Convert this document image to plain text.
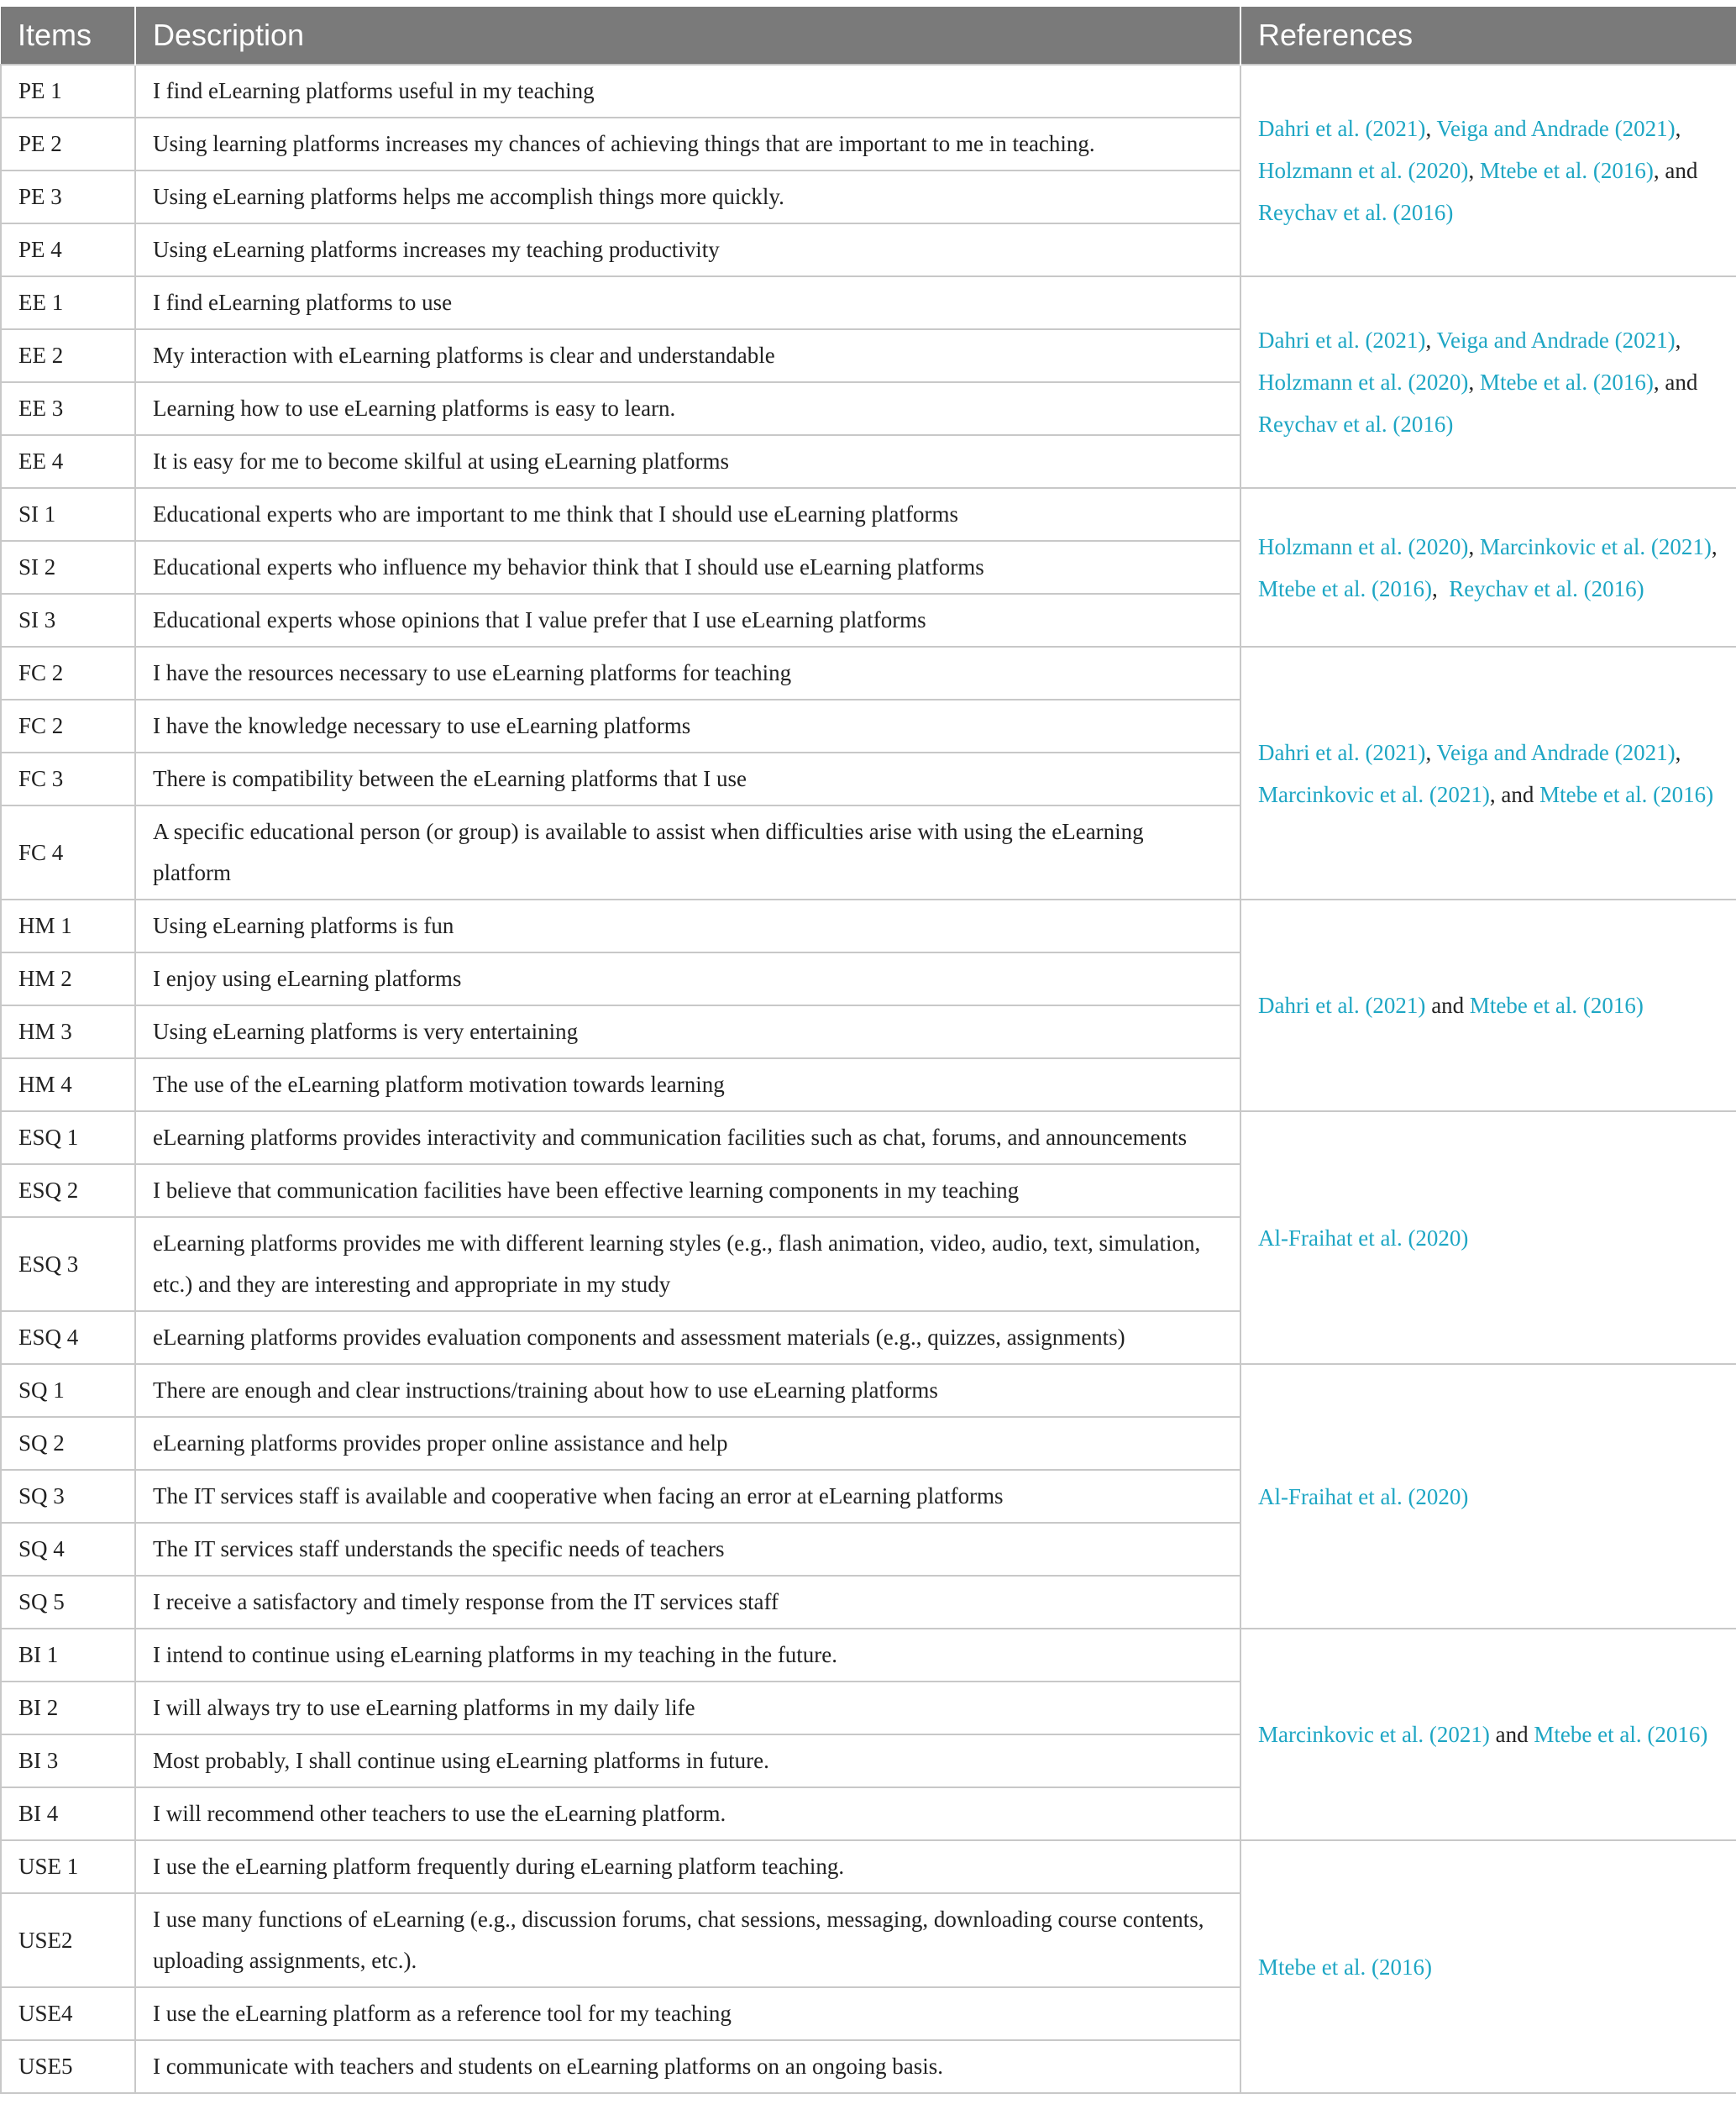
Items	Description	References
PE 1	I find eLearning platforms useful in my teaching	Dahri et al. (2021), Veiga and Andrade (2021), Holzmann et al. (2020), Mtebe et al. (2016), and Reychav et al. (2016)
PE 2	Using learning platforms increases my chances of achieving things that are important to me in teaching.	
PE 3	Using eLearning platforms helps me accomplish things more quickly.	
PE 4	Using eLearning platforms increases my teaching productivity	
EE 1	I find eLearning platforms to use	Dahri et al. (2021), Veiga and Andrade (2021), Holzmann et al. (2020), Mtebe et al. (2016), and Reychav et al. (2016)
EE 2	My interaction with eLearning platforms is clear and understandable	
EE 3	Learning how to use eLearning platforms is easy to learn.	
EE 4	It is easy for me to become skilful at using eLearning platforms	
SI 1	Educational experts who are important to me think that I should use eLearning platforms	Holzmann et al. (2020), Marcinkovic et al. (2021), Mtebe et al. (2016),  Reychav et al. (2016)
SI 2	Educational experts who influence my behavior think that I should use eLearning platforms	
SI 3	Educational experts whose opinions that I value prefer that I use eLearning platforms	
FC 2	I have the resources necessary to use eLearning platforms for teaching	Dahri et al. (2021), Veiga and Andrade (2021), Marcinkovic et al. (2021), and Mtebe et al. (2016)
FC 2	I have the knowledge necessary to use eLearning platforms	
FC 3	There is compatibility between the eLearning platforms that I use	
FC 4	A specific educational person (or group) is available to assist when difficulties arise with using the eLearning platform	
HM 1	Using eLearning platforms is fun	Dahri et al. (2021) and Mtebe et al. (2016)
HM 2	I enjoy using eLearning platforms	
HM 3	Using eLearning platforms is very entertaining	
HM 4	The use of the eLearning platform motivation towards learning	
ESQ 1	eLearning platforms provides interactivity and communication facilities such as chat, forums, and announcements	Al-Fraihat et al. (2020)
ESQ 2	I believe that communication facilities have been effective learning components in my teaching	
ESQ 3	eLearning platforms provides me with different learning styles (e.g., flash animation, video, audio, text, simulation, etc.) and they are interesting and appropriate in my study	
ESQ 4	eLearning platforms provides evaluation components and assessment materials (e.g., quizzes, assignments)	
SQ 1	There are enough and clear instructions/training about how to use eLearning platforms	Al-Fraihat et al. (2020)
SQ 2	eLearning platforms provides proper online assistance and help	
SQ 3	The IT services staff is available and cooperative when facing an error at eLearning platforms	
SQ 4	The IT services staff understands the specific needs of teachers	
SQ 5	I receive a satisfactory and timely response from the IT services staff	
BI 1	I intend to continue using eLearning platforms in my teaching in the future.	Marcinkovic et al. (2021) and Mtebe et al. (2016)
BI 2	I will always try to use eLearning platforms in my daily life	
BI 3	Most probably, I shall continue using eLearning platforms in future.	
BI 4	I will recommend other teachers to use the eLearning platform.	
USE 1	I use the eLearning platform frequently during eLearning platform teaching.	Mtebe et al. (2016)
USE2	I use many functions of eLearning (e.g., discussion forums, chat sessions, messaging, downloading course contents, uploading assignments, etc.).	
USE4	I use the eLearning platform as a reference tool for my teaching	
USE5	I communicate with teachers and students on eLearning platforms on an ongoing basis.	
